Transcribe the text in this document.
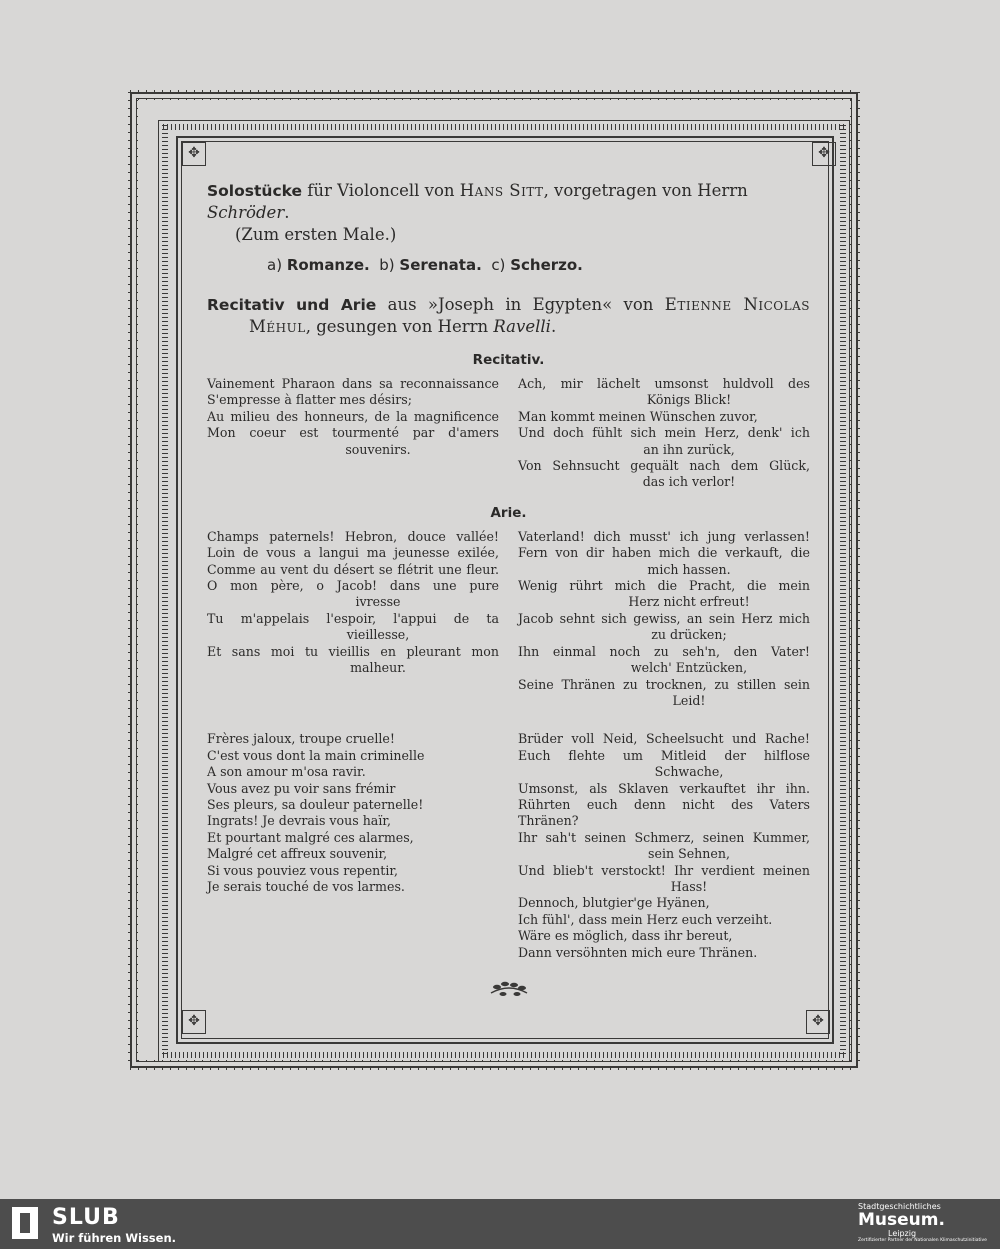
✥	✥
✥	✥
Solostücke für Violoncell von Hans Sitt, vorgetragen von Herrn Schröder.
(Zum ersten Male.)
a) Romanze. b) Serenata. c) Scherzo.
Recitativ und Arie aus »Joseph in Egypten« von Etienne Nicolas
Méhul, gesungen von Herrn Ravelli.
Recitativ.
Vainement Pharaon dans sa reconnaissance
S'empresse à flatter mes désirs;
Au milieu des honneurs, de la magnificence
Mon coeur est tourmenté par d'amers
souvenirs.
Ach, mir lächelt umsonst huldvoll des
Königs Blick!
Man kommt meinen Wünschen zuvor,
Und doch fühlt sich mein Herz, denk' ich
an ihn zurück,
Von Sehnsucht gequält nach dem Glück,
das ich verlor!
Arie.
Champs paternels! Hebron, douce vallée!
Loin de vous a langui ma jeunesse exilée,
Comme au vent du désert se flétrit une fleur.
O mon père, o Jacob! dans une pure
ivresse
Tu m'appelais l'espoir, l'appui de ta
vieillesse,
Et sans moi tu vieillis en pleurant mon
malheur.
Vaterland! dich musst' ich jung verlassen!
Fern von dir haben mich die verkauft, die
mich hassen.
Wenig rührt mich die Pracht, die mein
Herz nicht erfreut!
Jacob sehnt sich gewiss, an sein Herz mich
zu drücken;
Ihn einmal noch zu seh'n, den Vater!
welch' Entzücken,
Seine Thränen zu trocknen, zu stillen sein
Leid!
Frères jaloux, troupe cruelle!
C'est vous dont la main criminelle
A son amour m'osa ravir.
Vous avez pu voir sans frémir
Ses pleurs, sa douleur paternelle!
Ingrats! Je devrais vous haïr,
Et pourtant malgré ces alarmes,
Malgré cet affreux souvenir,
Si vous pouviez vous repentir,
Je serais touché de vos larmes.
Brüder voll Neid, Scheelsucht und Rache!
Euch flehte um Mitleid der hilflose
Schwache,
Umsonst, als Sklaven verkauftet ihr ihn.
Rührten euch denn nicht des Vaters Thränen?
Ihr sah't seinen Schmerz, seinen Kummer,
sein Sehnen,
Und blieb't verstockt! Ihr verdient meinen
Hass!
Dennoch, blutgier'ge Hyänen,
Ich fühl', dass mein Herz euch verzeiht.
Wäre es möglich, dass ihr bereut,
Dann versöhnten mich eure Thränen.
SLUB
Wir führen Wissen.
Stadtgeschichtliches
Museum.
Leipzig
Zertifizierter Partner der Nationalen Klimaschutzinitiative
